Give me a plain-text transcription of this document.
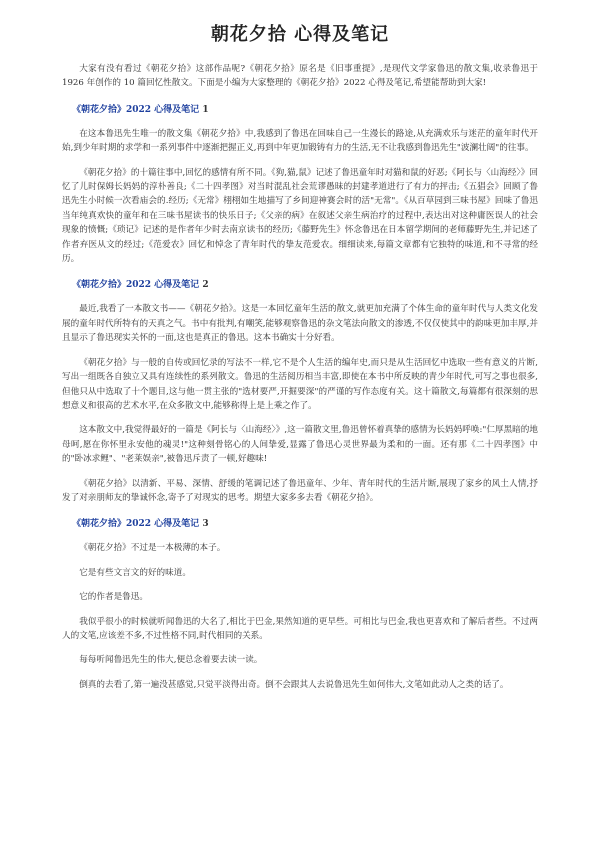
朝花夕拾 心得及笔记

大家有没有看过《朝花夕拾》这部作品呢?《朝花夕拾》原名是《旧事重提》,是现代文学家鲁迅的散文集,收录鲁迅于 1926 年创作的 10 篇回忆性散文。下面是小编为大家整理的《朝花夕拾》2022 心得及笔记,希望能帮助到大家!

《朝花夕拾》2022 心得及笔记 1

在这本鲁迅先生唯一的散文集《朝花夕拾》中,我感到了鲁迅在回味自己一生漫长的路途,从充满欢乐与迷茫的童年时代开始,到少年时期的求学和一系列事件中逐渐把握正义,再到中年更加锻铸有力的生活,无不让我感到鲁迅先生"波澜壮阔"的往事。

《朝花夕拾》的十篇往事中,回忆的感情有所不同。《狗,猫,鼠》记述了鲁迅童年时对猫和鼠的好恶;《阿长与〈山海经〉》回忆了儿时保姆长妈妈的淳朴善良;《二十四孝图》对当时混乱社会荒谬愚昧的封建孝道进行了有力的抨击;《五猖会》回顾了鲁迅先生小时候一次看庙会的.经历;《无常》栩栩如生地描写了乡间迎神赛会时的活"无常"。《从百草园到三味书屋》回味了鲁迅当年纯真欢快的童年和在三味书屋读书的快乐日子;《父亲的病》在叙述父亲生病治疗的过程中,表达出对这种庸医误人的社会现象的愤慨;《琐记》记述的是作者年少时去南京读书的经历;《藤野先生》怀念鲁迅在日本留学期间的老师藤野先生,并记述了作者弃医从文的经过;《范爱农》回忆和悼念了青年时代的挚友范爱农。细细读来,每篇文章都有它独特的味道,和不寻常的经历。

《朝花夕拾》2022 心得及笔记 2

最近,我看了一本散文书——《朝花夕拾》。这是一本回忆童年生活的散文,就更加充满了个体生命的童年时代与人类文化发展的童年时代所特有的天真之气。书中有批判,有嘲笑,能够观察鲁迅的杂文笔法向散文的渗透,不仅仅使其中的韵味更加丰厚,并且显示了鲁迅现实关怀的一面,这也是真正的鲁迅。这本书确实十分好看。

《朝花夕拾》与一般的自传或回忆录的写法不一样,它不是个人生活的编年史,而只是从生活回忆中选取一些有意义的片断,写出一组既各自独立又具有连续性的系列散文。鲁迅的生活阅历相当丰富,即使在本书中所反映的青少年时代,可写之事也很多,但他只从中选取了十个题目,这与他一贯主张的"选材要严,开掘要深"的严谨的写作态度有关。这十篇散文,每篇都有很深刻的思想意义和很高的艺术水平,在众多散文中,能够称得上是上乘之作了。

这本散文中,我觉得最好的一篇是《阿长与〈山海经〉》,这一篇散文里,鲁迅曾怀着真挚的感情为长妈妈呼唤:"仁厚黑暗的地母呵,愿在你怀里永安他的魂灵!"这种刻骨铭心的人间挚爱,显露了鲁迅心灵世界最为柔和的一面。还有那《二十四孝图》中的"卧冰求鲤"、"老莱娱亲",被鲁迅斥责了一顿,好趣味!

《朝花夕拾》以清新、平易、深情、舒缓的笔调记述了鲁迅童年、少年、青年时代的生活片断,展现了家乡的风土人情,抒发了对亲朋师友的挚诚怀念,寄予了对现实的思考。期望大家多多去看《朝花夕拾》。

《朝花夕拾》2022 心得及笔记 3

《朝花夕拾》不过是一本极薄的本子。

它是有些文言文的好的味道。

它的作者是鲁迅。

我似乎很小的时候就听闻鲁迅的大名了,相比于巴金,果然知道的更早些。可相比与巴金,我也更喜欢和了解后者些。不过两人的文笔,应该差不多,不过性格不同,时代相同的关系。

每每听闻鲁迅先生的伟大,便总念着要去读一读。

倒真的去看了,第一遍没甚感觉,只觉平淡得出奇。倒不会跟其人去说鲁迅先生如何伟大,文笔如此动人之类的话了。
